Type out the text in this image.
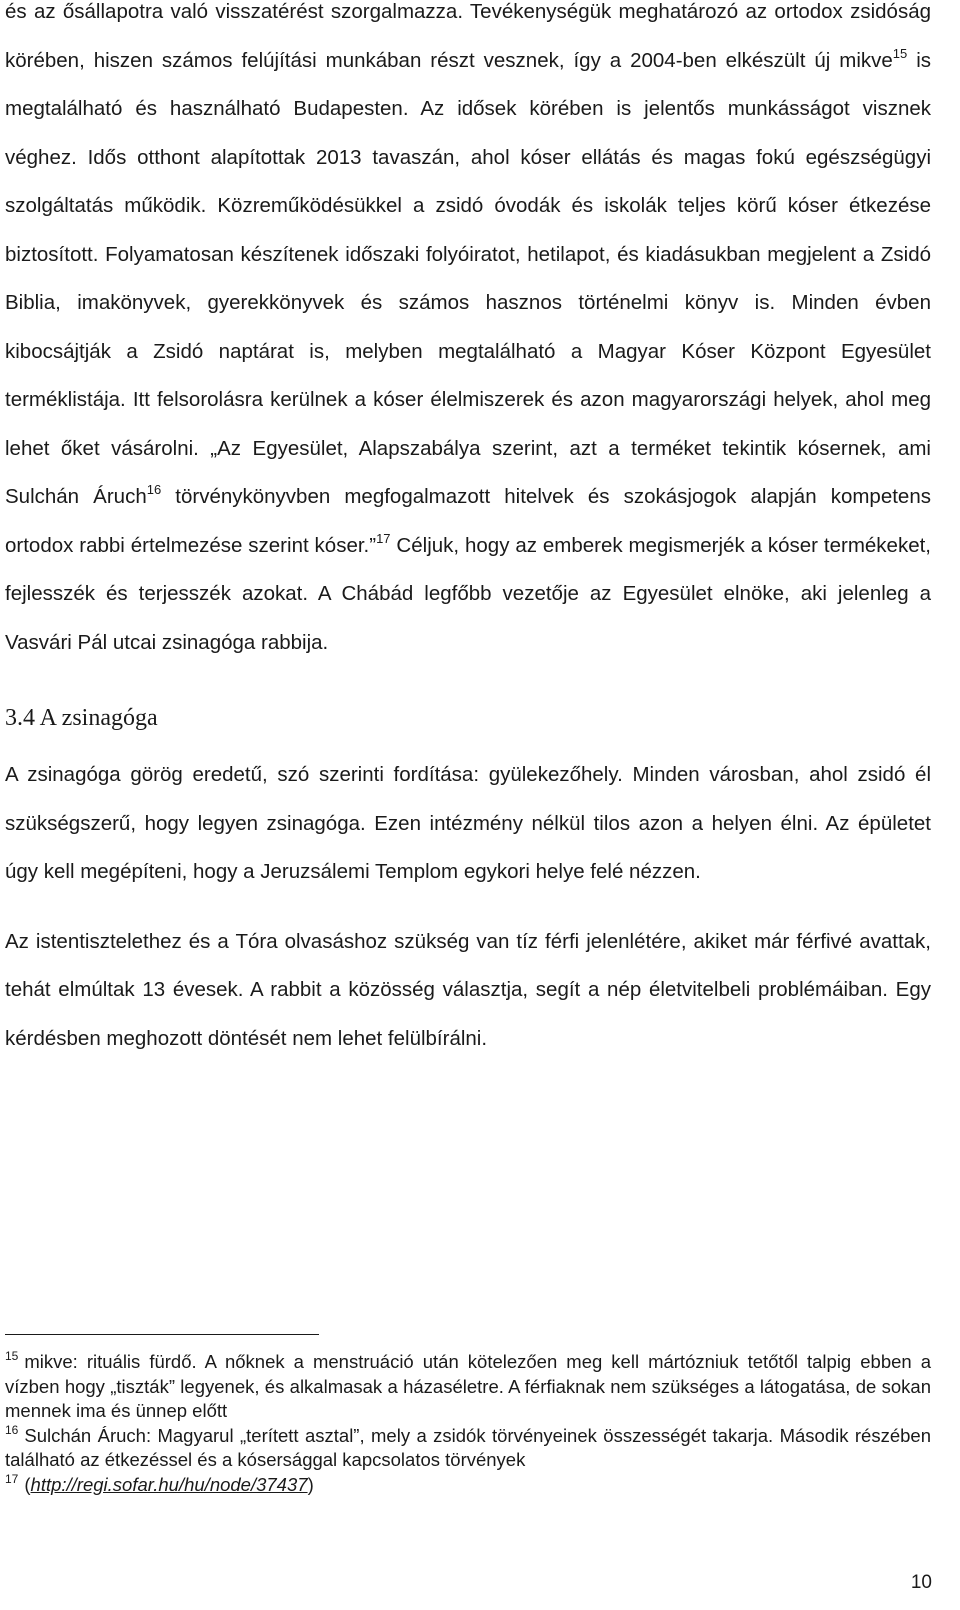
és az ősállapotra való visszatérést szorgalmazza. Tevékenységük meghatározó az ortodox zsidóság körében, hiszen számos felújítási munkában részt vesznek, így a 2004-ben elkészült új mikve$^{15}$ is megtalálható és használható Budapesten. Az idősek körében is jelentős munkásságot visznek véghez. Idős otthont alapítottak 2013 tavaszán, ahol kóser ellátás és magas fokú egészségügyi szolgáltatás működik. Közreműködésükkel a zsidó óvodák és iskolák teljes körű kóser étkezése biztosított. Folyamatosan készítenek időszaki folyóiratot, hetilapot, és kiadásukban megjelent a Zsidó Biblia, imakönyvek, gyerekkönyvek és számos hasznos történelmi könyv is. Minden évben kibocsájtják a Zsidó naptárat is, melyben megtalálható a Magyar Kóser Központ Egyesület terméklistája. Itt felsorolásra kerülnek a kóser élelmiszerek és azon magyarországi helyek, ahol meg lehet őket vásárolni. „Az Egyesület, Alapszabálya szerint, azt a terméket tekintik kósernek, ami Sulchán Áruch$^{16}$ törvénykönyvben megfogalmazott hitelvek és szokásjogok alapján kompetens ortodox rabbi értelmezése szerint kóser.”$^{17}$ Céljuk, hogy az emberek megismerjék a kóser termékeket, fejlesszék és terjesszék azokat. A Chábád legfőbb vezetője az Egyesület elnöke, aki jelenleg a Vasvári Pál utcai zsinagóga rabbija.

3.4 A zsinagóga

A zsinagóga görög eredetű, szó szerinti fordítása: gyülekezőhely. Minden városban, ahol zsidó él szükségszerű, hogy legyen zsinagóga. Ezen intézmény nélkül tilos azon a helyen élni. Az épületet úgy kell megépíteni, hogy a Jeruzsálemi Templom egykori helye felé nézzen.

Az istentisztelethez és a Tóra olvasáshoz szükség van tíz férfi jelenlétére, akiket már férfivé avattak, tehát elmúltak 13 évesek. A rabbit a közösség választja, segít a nép életvitelbeli problémáiban. Egy kérdésben meghozott döntését nem lehet felülbírálni.

$^{15}$ mikve: rituális fürdő. A nőknek a menstruáció után kötelezően meg kell mártózniuk tetőtől talpig ebben a vízben hogy „tiszták” legyenek, és alkalmasak a házaséletre. A férfiaknak nem szükséges a látogatása, de sokan mennek ima és ünnep előtt

$^{16}$ Sulchán Áruch: Magyarul „terített asztal”, mely a zsidók törvényeinek összességét takarja. Második részében található az étkezéssel és a kósersággal kapcsolatos törvények

$^{17}$ (http://regi.sofar.hu/hu/node/37437)

10
